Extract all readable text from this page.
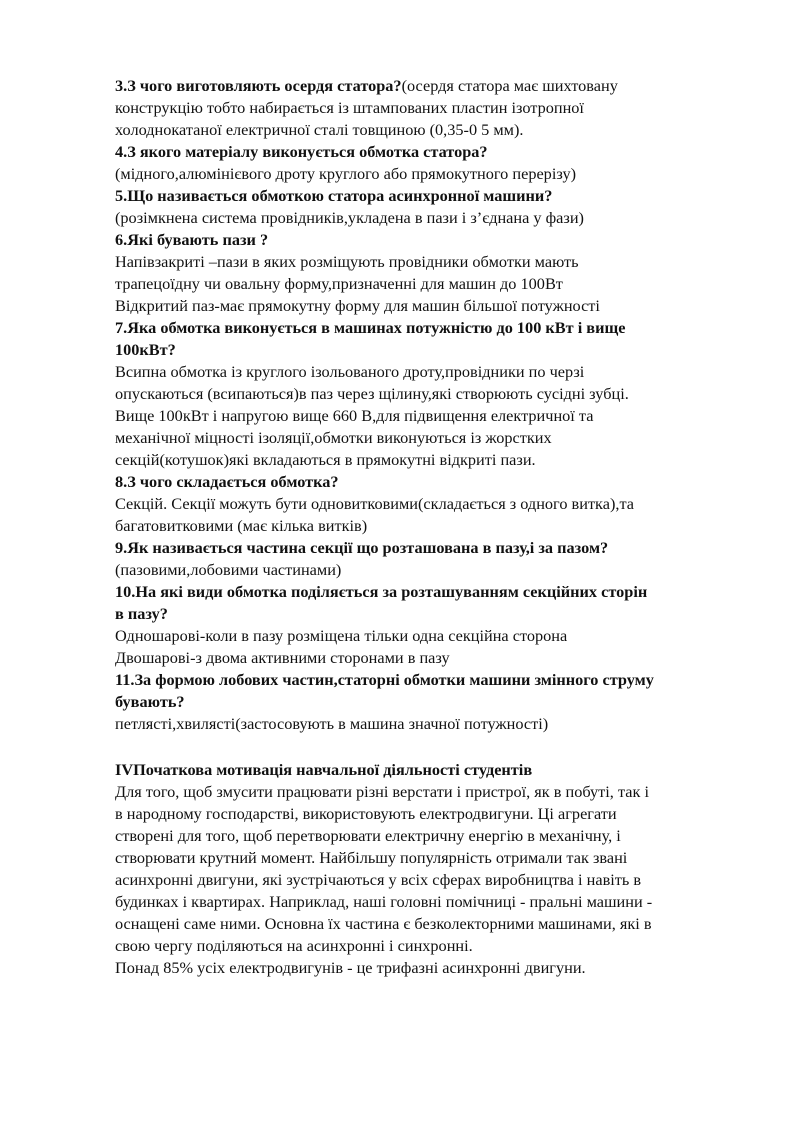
3.З чого виготовляють осердя статора?(осердя статора має шихтовану
конструкцію тобто набирається із штампованих пластин ізотропної
холоднокатаної електричної сталі товщиною (0,35-0 5 мм).
4.З якого матеріалу виконується обмотка статора?
(мідного,алюмінієвого дроту круглого або прямокутного перерізу)
5.Що називається обмоткою статора асинхронної машини?
(розімкнена система провідників,укладена в пази і з’єднана у фази)
6.Які бувають пази ?
Напівзакриті –пази в яких розміщують провідники обмотки мають
трапецоїдну чи овальну форму,призначенні для машин до 100Вт
Відкритий паз-має прямокутну форму для машин більшої потужності
7.Яка обмотка виконується в машинах потужністю до 100 кВт і вище
100кВт?
Всипна обмотка із круглого ізольованого дроту,провідники по черзі
опускаються (всипаються)в паз через щілину,які створюють сусідні зубці.
Вище 100кВт і напругою вище 660 В,для підвищення електричної та
механічної міцності ізоляції,обмотки виконуються із жорстких
секцій(котушок)які вкладаються в прямокутні відкриті пази.
8.З чого складається обмотка?
Секцій. Секції можуть бути одновитковими(складається з одного витка),та
багатовитковими (має кілька витків)
9.Як називається частина секції що розташована в пазу,і за пазом?
(пазовими,лобовими частинами)
10.На які види обмотка поділяється за розташуванням секційних сторін
в пазу?
Одношарові-коли в пазу розміщена тільки одна секційна сторона
Двошарові-з двома активними сторонами в пазу
11.За формою лобових частин,статорні обмотки машини змінного струму
бувають?
петлясті,хвилясті(застосовують в машина значної потужності)
IVПочаткова мотивація навчальної діяльності студентів
Для того, щоб змусити працювати різні верстати і пристрої, як в побуті, так і
в народному господарстві, використовують електродвигуни. Ці агрегати
створені для того, щоб перетворювати електричну енергію в механічну, і
створювати крутний момент. Найбільшу популярність отримали так звані
асинхронні двигуни, які зустрічаються у всіх сферах виробництва і навіть в
будинках і квартирах. Наприклад, наші головні помічниці - пральні машини -
оснащені саме ними. Основна їх частина є безколекторними машинами, які в
свою чергу поділяються на асинхронні і синхронні.
Понад 85% усіх електродвигунів - це трифазні асинхронні двигуни.
